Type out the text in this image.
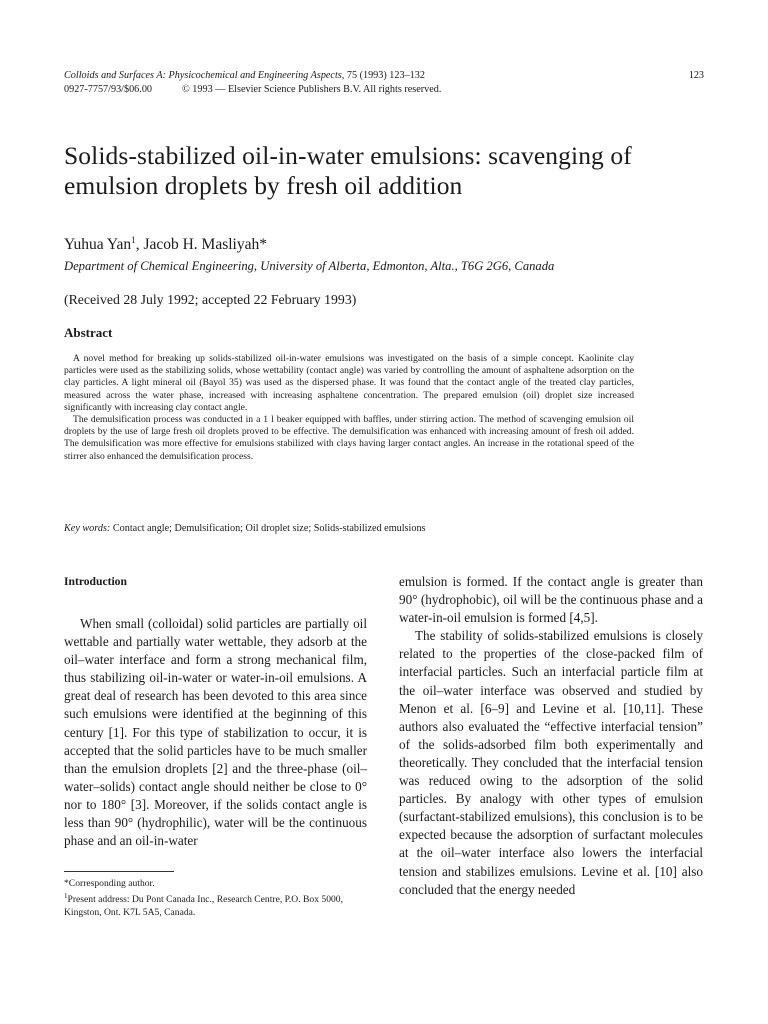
Colloids and Surfaces A: Physicochemical and Engineering Aspects, 75 (1993) 123–132	123
0927-7757/93/$06.00	© 1993 — Elsevier Science Publishers B.V. All rights reserved.
Solids-stabilized oil-in-water emulsions: scavenging of emulsion droplets by fresh oil addition
Yuhua Yan$^1$, Jacob H. Masliyah*
Department of Chemical Engineering, University of Alberta, Edmonton, Alta., T6G 2G6, Canada
(Received 28 July 1992; accepted 22 February 1993)
Abstract

A novel method for breaking up solids-stabilized oil-in-water emulsions was investigated on the basis of a simple concept. Kaolinite clay particles were used as the stabilizing solids, whose wettability (contact angle) was varied by controlling the amount of asphaltene adsorption on the clay particles. A light mineral oil (Bayol 35) was used as the dispersed phase. It was found that the contact angle of the treated clay particles, measured across the water phase, increased with increasing asphaltene concentration. The prepared emulsion (oil) droplet size increased significantly with increasing clay contact angle.

The demulsification process was conducted in a 1 l beaker equipped with baffles, under stirring action. The method of scavenging emulsion oil droplets by the use of large fresh oil droplets proved to be effective. The demulsification was enhanced with increasing amount of fresh oil added. The demulsification was more effective for emulsions stabilized with clays having larger contact angles. An increase in the rotational speed of the stirrer also enhanced the demulsification process.

Key words: Contact angle; Demulsification; Oil droplet size; Solids-stabilized emulsions
Introduction

When small (colloidal) solid particles are partially oil wettable and partially water wettable, they adsorb at the oil–water interface and form a strong mechanical film, thus stabilizing oil-in-water or water-in-oil emulsions. A great deal of research has been devoted to this area since such emulsions were identified at the beginning of this century [1]. For this type of stabilization to occur, it is accepted that the solid particles have to be much smaller than the emulsion droplets [2] and the three-phase (oil–water–solids) contact angle should neither be close to 0° nor to 180° [3]. Moreover, if the solids contact angle is less than 90° (hydrophilic), water will be the continuous phase and an oil-in-water

emulsion is formed. If the contact angle is greater than 90° (hydrophobic), oil will be the continuous phase and a water-in-oil emulsion is formed [4,5].

The stability of solids-stabilized emulsions is closely related to the properties of the close-packed film of interfacial particles. Such an interfacial particle film at the oil–water interface was observed and studied by Menon et al. [6–9] and Levine et al. [10,11]. These authors also evaluated the “effective interfacial tension” of the solids-adsorbed film both experimentally and theoretically. They concluded that the interfacial tension was reduced owing to the adsorption of the solid particles. By analogy with other types of emulsion (surfactant-stabilized emulsions), this conclusion is to be expected because the adsorption of surfactant molecules at the oil–water interface also lowers the interfacial tension and stabilizes emulsions. Levine et al. [10] also concluded that the energy needed

*Corresponding author.
$^1$Present address: Du Pont Canada Inc., Research Centre, P.O. Box 5000, Kingston, Ont. K7L 5A5, Canada.
